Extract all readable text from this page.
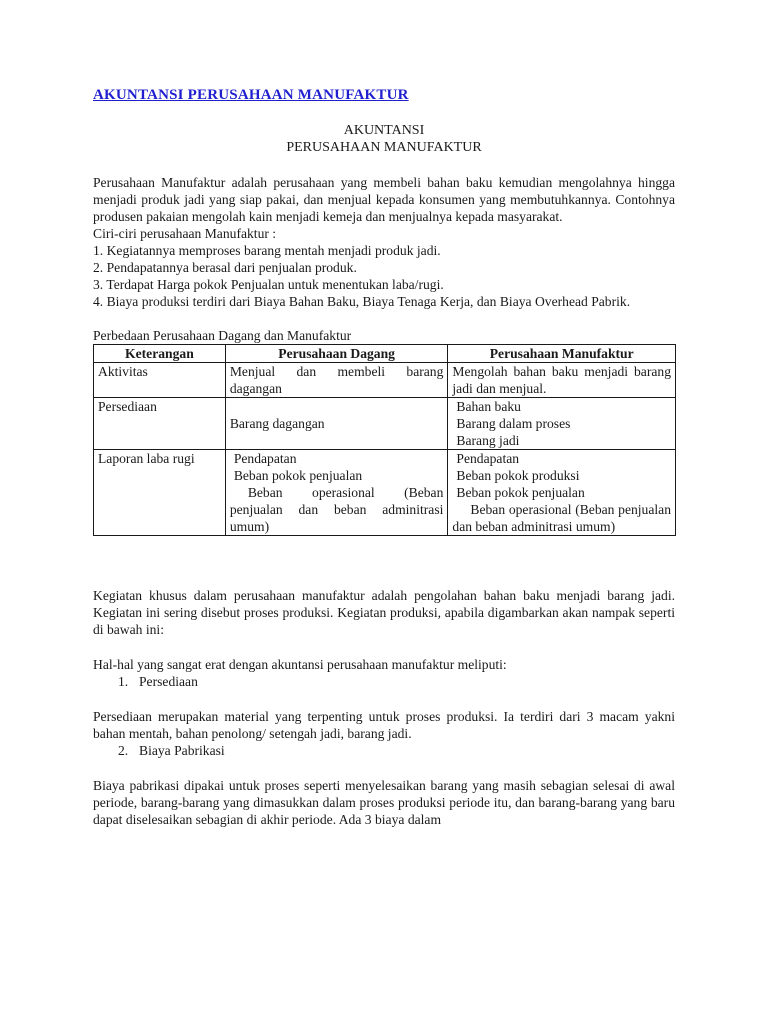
AKUNTANSI PERUSAHAAN MANUFAKTUR
AKUNTANSI
PERUSAHAAN MANUFAKTUR

Perusahaan Manufaktur adalah perusahaan yang membeli bahan baku kemudian mengolahnya hingga menjadi produk jadi yang siap pakai, dan menjual kepada konsumen yang membutuhkannya. Contohnya produsen pakaian mengolah kain menjadi kemeja dan menjualnya kepada masyarakat.

Ciri-ciri perusahaan Manufaktur :

1. Kegiatannya memproses barang mentah menjadi produk jadi.
2. Pendapatannya berasal dari penjualan produk.
3. Terdapat Harga pokok Penjualan untuk menentukan laba/rugi.
4. Biaya produksi terdiri dari Biaya Bahan Baku, Biaya Tenaga Kerja, dan Biaya Overhead Pabrik.

Perbedaan Perusahaan Dagang dan Manufaktur

Keterangan	Perusahaan Dagang	Perusahaan Manufaktur
Aktivitas	Menjual dan membeli barang dagangan	Mengolah bahan baku menjadi barang jadi dan menjual.

Persediaan	Barang dagangan	Bahan baku
Barang dalam proses
Barang jadi

Laporan laba rugi	Pendapatan
Beban pokok penjualan
Beban operasional (Beban penjualan dan beban adminitrasi umum)	Pendapatan
Beban pokok produksi
Beban pokok penjualan
Beban operasional (Beban penjualan dan beban adminitrasi umum)

Kegiatan khusus dalam perusahaan manufaktur adalah pengolahan bahan baku menjadi barang jadi. Kegiatan ini sering disebut proses produksi. Kegiatan produksi, apabila digambarkan akan nampak seperti di bawah ini:

Hal-hal yang sangat erat dengan akuntansi perusahaan manufaktur meliputi:

1. Persediaan

Persediaan merupakan material yang terpenting untuk proses produksi. Ia terdiri dari 3 macam yakni bahan mentah, bahan penolong/ setengah jadi, barang jadi.

2. Biaya Pabrikasi

Biaya pabrikasi dipakai untuk proses seperti menyelesaikan barang yang masih sebagian selesai di awal periode, barang-barang yang dimasukkan dalam proses produksi periode itu, dan barang-barang yang baru dapat diselesaikan sebagian di akhir periode. Ada 3 biaya dalam
